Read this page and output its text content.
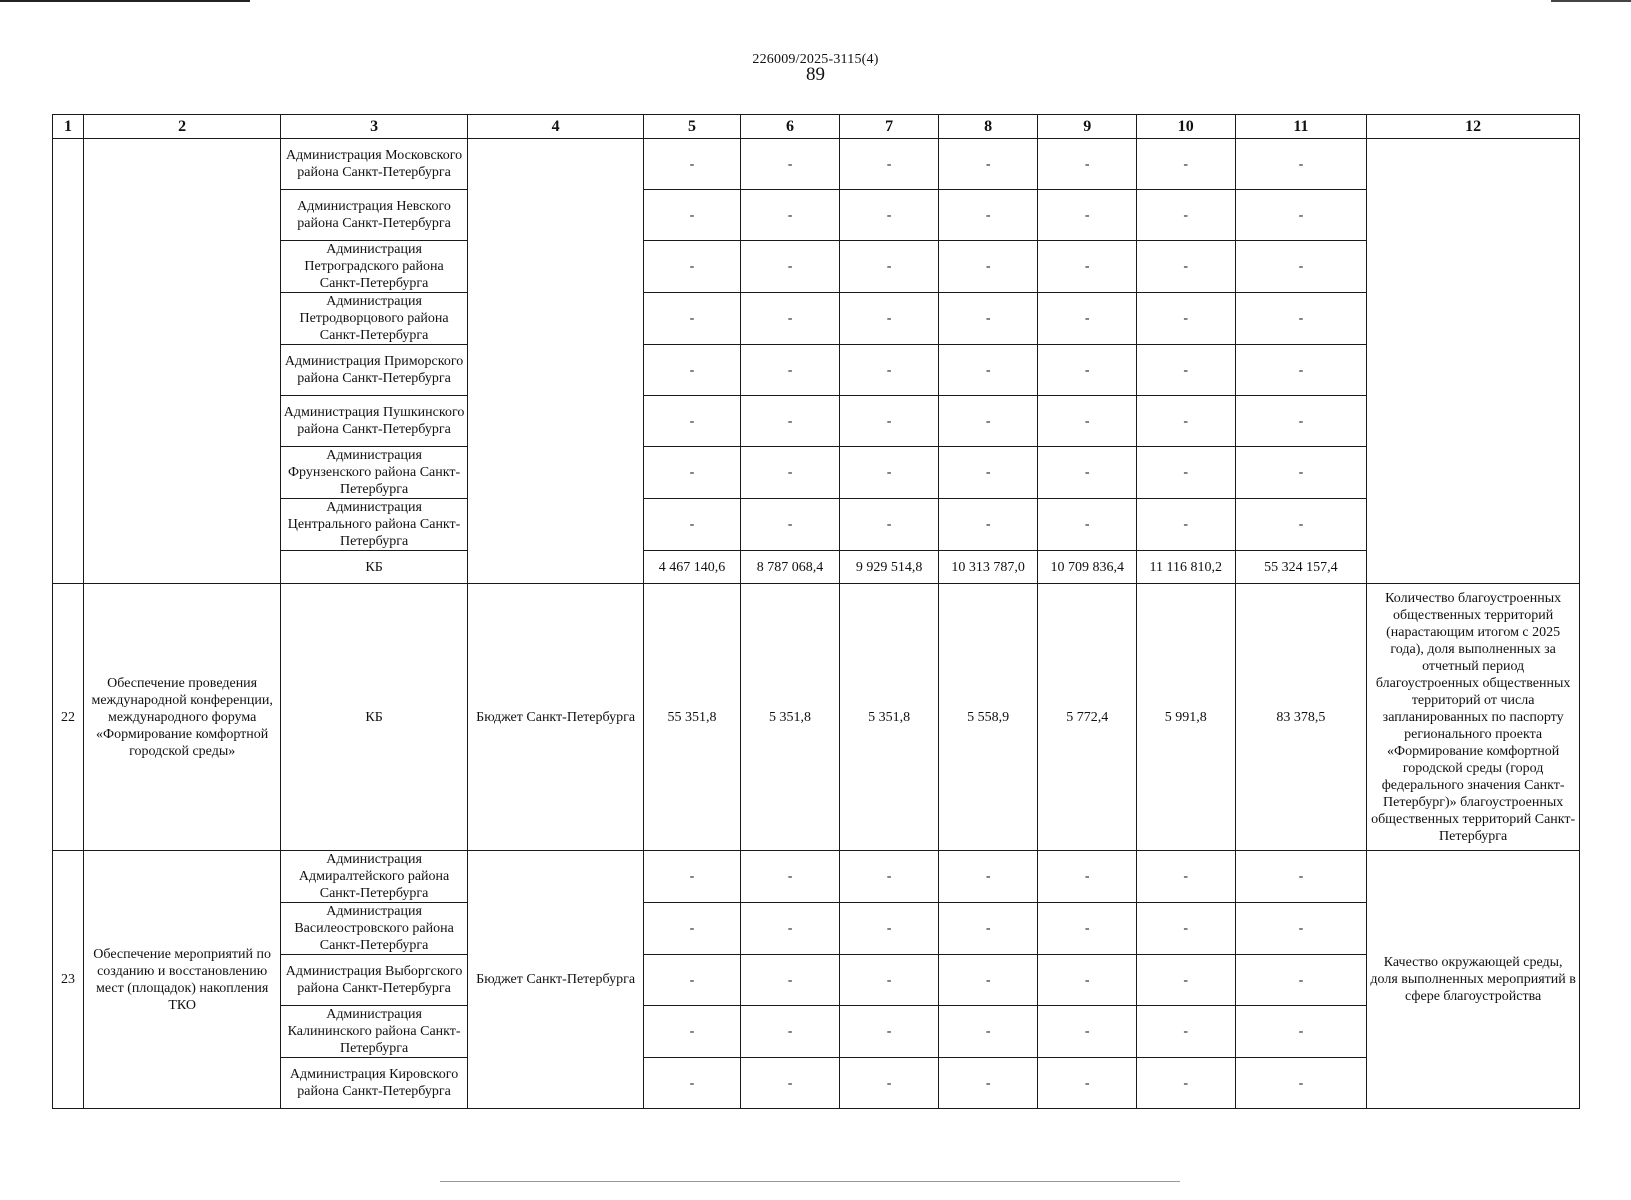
226009/2025-3115(4)
89
1	2	3	4	5	6	7	8	9	10	11	12
		Администрация Московского района Санкт-Петербурга		-	-	-	-	-	-	-	
		Администрация Невского района Санкт-Петербурга		-	-	-	-	-	-	-	
		Администрация Петроградского района Санкт-Петербурга		-	-	-	-	-	-	-	
		Администрация Петродворцового района Санкт-Петербурга		-	-	-	-	-	-	-	
		Администрация Приморского района Санкт-Петербурга		-	-	-	-	-	-	-	
		Администрация Пушкинского района Санкт-Петербурга		-	-	-	-	-	-	-	
		Администрация Фрунзенского района Санкт-Петербурга		-	-	-	-	-	-	-	
		Администрация Центрального района Санкт-Петербурга		-	-	-	-	-	-	-	
		КБ		4 467 140,6	8 787 068,4	9 929 514,8	10 313 787,0	10 709 836,4	11 116 810,2	55 324 157,4	
22	Обеспечение проведения международной конференции, международного форума «Формирование комфортной городской среды»	КБ	Бюджет Санкт-Петербурга	55 351,8	5 351,8	5 351,8	5 558,9	5 772,4	5 991,8	83 378,5	Количество благоустроенных общественных территорий (нарастающим итогом с 2025 года), доля выполненных за отчетный период благоустроенных общественных территорий от числа запланированных по паспорту регионального проекта «Формирование комфортной городской среды (город федерального значения Санкт-Петербург)» благоустроенных общественных территорий Санкт-Петербурга
23	Обеспечение мероприятий по созданию и восстановлению мест (площадок) накопления ТКО	Администрация Адмиралтейского района Санкт-Петербурга	Бюджет Санкт-Петербурга	-	-	-	-	-	-	-	Качество окружающей среды, доля выполненных мероприятий в сфере благоустройства
		Администрация Василеостровского района Санкт-Петербурга		-	-	-	-	-	-	-	
		Администрация Выборгского района Санкт-Петербурга		-	-	-	-	-	-	-	
		Администрация Калининского района Санкт-Петербурга		-	-	-	-	-	-	-	
		Администрация Кировского района Санкт-Петербурга		-	-	-	-	-	-	-	
